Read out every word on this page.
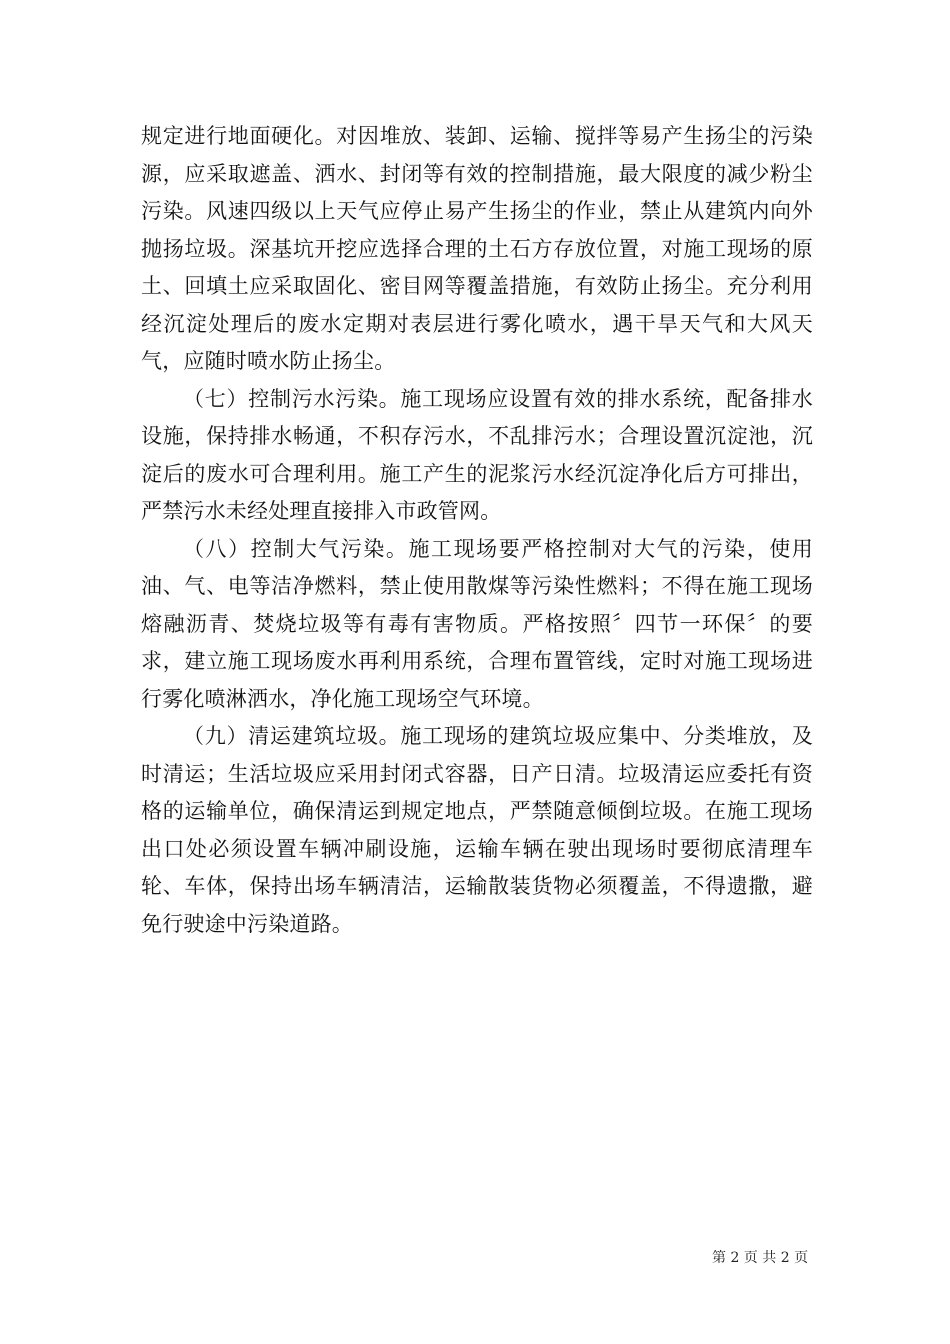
规定进行地面硬化。对因堆放、装卸、运输、搅拌等易产生扬尘的污染源，应采取遮盖、洒水、封闭等有效的控制措施，最大限度的减少粉尘污染。风速四级以上天气应停止易产生扬尘的作业，禁止从建筑内向外抛扬垃圾。深基坑开挖应选择合理的土石方存放位置，对施工现场的原土、回填土应采取固化、密目网等覆盖措施，有效防止扬尘。充分利用经沉淀处理后的废水定期对表层进行雾化喷水，遇干旱天气和大风天气，应随时喷水防止扬尘。

（七）控制污水污染。施工现场应设置有效的排水系统，配备排水设施，保持排水畅通，不积存污水，不乱排污水；合理设置沉淀池，沉淀后的废水可合理利用。施工产生的泥浆污水经沉淀净化后方可排出，严禁污水未经处理直接排入市政管网。

（八）控制大气污染。施工现场要严格控制对大气的污染，使用油、气、电等洁净燃料，禁止使用散煤等污染性燃料；不得在施工现场熔融沥青、焚烧垃圾等有毒有害物质。严格按照〞四节一环保〞的要求，建立施工现场废水再利用系统，合理布置管线，定时对施工现场进行雾化喷淋洒水，净化施工现场空气环境。

（九）清运建筑垃圾。施工现场的建筑垃圾应集中、分类堆放，及时清运；生活垃圾应采用封闭式容器，日产日清。垃圾清运应委托有资格的运输单位，确保清运到规定地点，严禁随意倾倒垃圾。在施工现场出口处必须设置车辆冲刷设施，运输车辆在驶出现场时要彻底清理车轮、车体，保持出场车辆清洁，运输散装货物必须覆盖，不得遗撒，避免行驶途中污染道路。

第 2 页 共 2 页
